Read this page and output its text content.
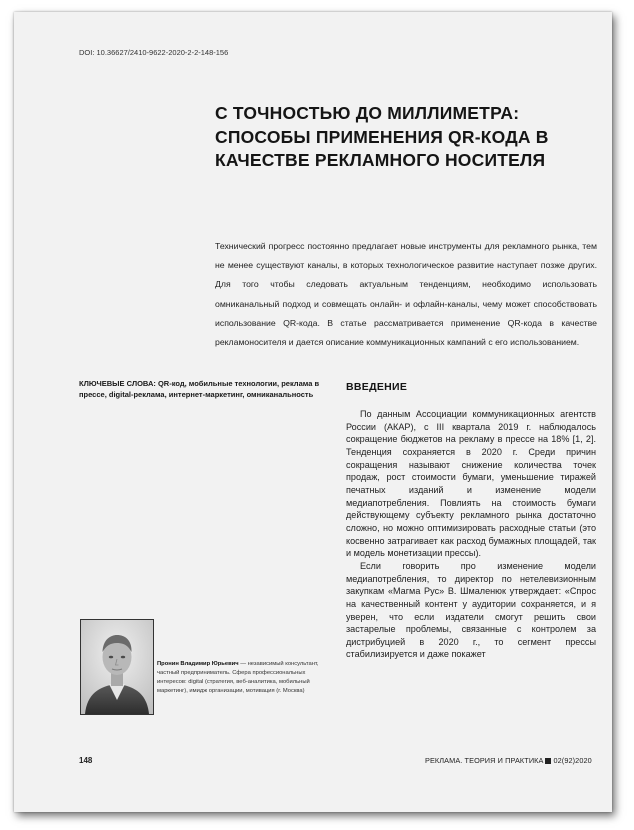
DOI: 10.36627/2410-9622-2020-2-2-148-156
С ТОЧНОСТЬЮ ДО МИЛЛИМЕТРА: СПОСОБЫ ПРИМЕНЕНИЯ QR-КОДА В КАЧЕСТВЕ РЕКЛАМНОГО НОСИТЕЛЯ

Технический прогресс постоянно предлагает новые инструменты для рекламного рынка, тем не менее существуют каналы, в которых технологическое развитие наступает позже других. Для того чтобы следовать актуальным тенденциям, необходимо использовать омниканальный подход и совмещать онлайн- и офлайн-каналы, чему может способствовать использование QR-кода. В статье рассматривается применение QR-кода в качестве рекламоносителя и дается описание коммуникационных кампаний с его использованием.

КЛЮЧЕВЫЕ СЛОВА: QR-код, мобильные технологии, реклама в прессе, digital-реклама, интернет-маркетинг, омниканальность
ВВЕДЕНИЕ

По данным Ассоциации коммуникационных агентств России (АКАР), с III квартала 2019 г. наблюдалось сокращение бюджетов на рекламу в прессе на 18% [1, 2]. Тенденция сохраняется в 2020 г. Среди причин сокращения называют снижение количества точек продаж, рост стоимости бумаги, уменьшение тиражей печатных изданий и изменение модели медиапотребления. Повлиять на стоимость бумаги действующему субъекту рекламного рынка достаточно сложно, но можно оптимизировать расходные статьи (это косвенно затрагивает как расход бумажных площадей, так и модель монетизации прессы).

Если говорить про изменение модели медиапотребления, то директор по нетелевизионным закупкам «Магма Рус» В. Шмаленюк утверждает: «Спрос на качественный контент у аудитории сохраняется, и я уверен, что если издатели смогут решить свои застарелые проблемы, связанные с контролем за дистрибуцией в 2020 г., то сегмент прессы стабилизируется и даже покажет

Пронин Владимир Юрьевич — независимый консультант, частный предприниматель. Сфера профессиональных интересов: digital (стратегия, веб-аналитика, мобильный маркетинг), имидж организации, мотивация (г. Москва)
148	РЕКЛАМА. ТЕОРИЯ И ПРАКТИКА 02(92)2020
